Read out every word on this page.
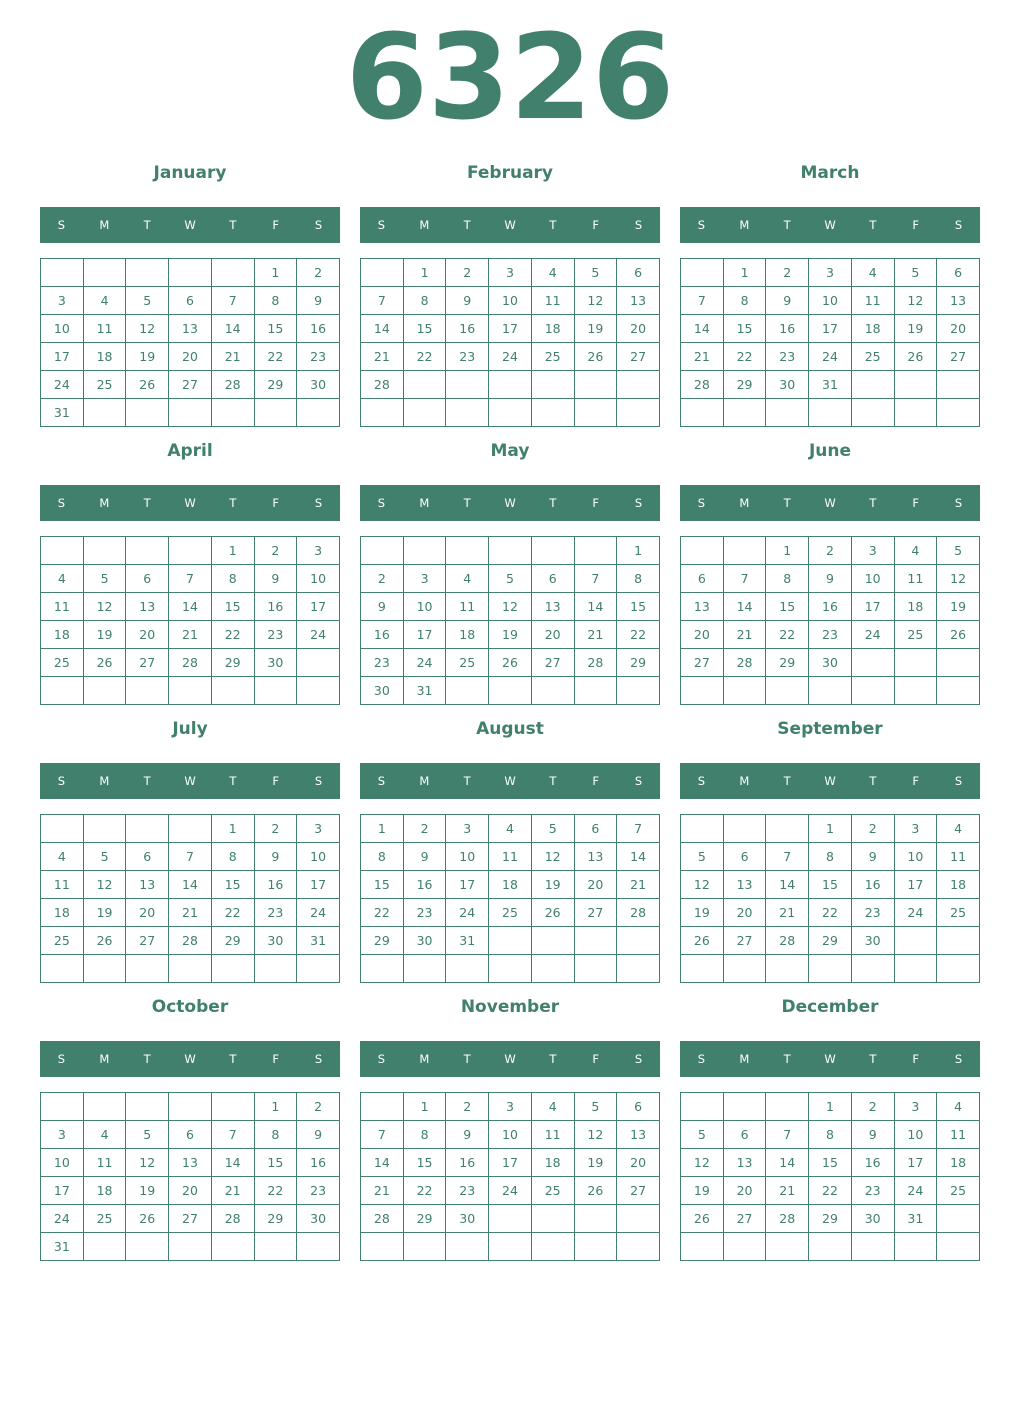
6326
January
S	M	T	W	T	F	S
					1	2
3	4	5	6	7	8	9
10	11	12	13	14	15	16
17	18	19	20	21	22	23
24	25	26	27	28	29	30
31						
February
S	M	T	W	T	F	S
	1	2	3	4	5	6
7	8	9	10	11	12	13
14	15	16	17	18	19	20
21	22	23	24	25	26	27
28						

March
S	M	T	W	T	F	S
	1	2	3	4	5	6
7	8	9	10	11	12	13
14	15	16	17	18	19	20
21	22	23	24	25	26	27
28	29	30	31			

April
S	M	T	W	T	F	S
				1	2	3
4	5	6	7	8	9	10
11	12	13	14	15	16	17
18	19	20	21	22	23	24
25	26	27	28	29	30	

May
S	M	T	W	T	F	S
						1
2	3	4	5	6	7	8
9	10	11	12	13	14	15
16	17	18	19	20	21	22
23	24	25	26	27	28	29
30	31					
June
S	M	T	W	T	F	S
		1	2	3	4	5
6	7	8	9	10	11	12
13	14	15	16	17	18	19
20	21	22	23	24	25	26
27	28	29	30			

July
S	M	T	W	T	F	S
				1	2	3
4	5	6	7	8	9	10
11	12	13	14	15	16	17
18	19	20	21	22	23	24
25	26	27	28	29	30	31

August
S	M	T	W	T	F	S
1	2	3	4	5	6	7
8	9	10	11	12	13	14
15	16	17	18	19	20	21
22	23	24	25	26	27	28
29	30	31				

September
S	M	T	W	T	F	S
			1	2	3	4
5	6	7	8	9	10	11
12	13	14	15	16	17	18
19	20	21	22	23	24	25
26	27	28	29	30		

October
S	M	T	W	T	F	S
					1	2
3	4	5	6	7	8	9
10	11	12	13	14	15	16
17	18	19	20	21	22	23
24	25	26	27	28	29	30
31						
November
S	M	T	W	T	F	S
	1	2	3	4	5	6
7	8	9	10	11	12	13
14	15	16	17	18	19	20
21	22	23	24	25	26	27
28	29	30				

December
S	M	T	W	T	F	S
			1	2	3	4
5	6	7	8	9	10	11
12	13	14	15	16	17	18
19	20	21	22	23	24	25
26	27	28	29	30	31	
